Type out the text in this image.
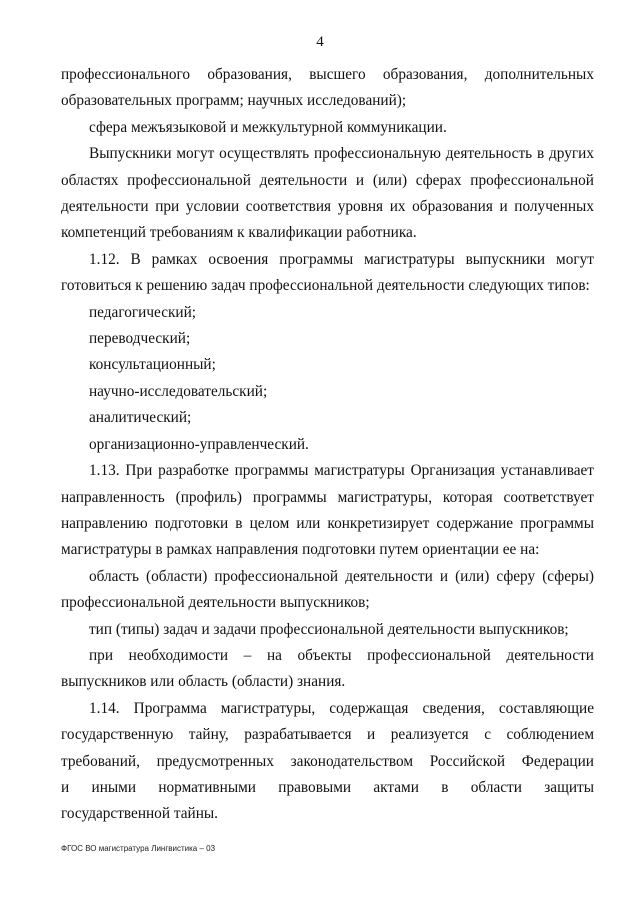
4

профессионального образования, высшего образования, дополнительных

образовательных программ; научных исследований);

сфера межъязыковой и межкультурной коммуникации.

Выпускники могут осуществлять профессиональную деятельность в других

областях профессиональной деятельности и (или) сферах профессиональной

деятельности при условии соответствия уровня их образования и полученных

компетенций требованиям к квалификации работника.

1.12. В рамках освоения программы магистратуры выпускники могут

готовиться к решению задач профессиональной деятельности следующих типов:

педагогический;

переводческий;

консультационный;

научно-исследовательский;

аналитический;

организационно-управленческий.

1.13. При разработке программы магистратуры Организация устанавливает

направленность (профиль) программы магистратуры, которая соответствует

направлению подготовки в целом или конкретизирует содержание программы

магистратуры в рамках направления подготовки путем ориентации ее на:

область (области) профессиональной деятельности и (или) сферу (сферы)

профессиональной деятельности выпускников;

тип (типы) задач и задачи профессиональной деятельности выпускников;

при необходимости – на объекты профессиональной деятельности

выпускников или область (области) знания.

1.14. Программа магистратуры, содержащая сведения, составляющие

государственную тайну, разрабатывается и реализуется с соблюдением

требований, предусмотренных законодательством Российской Федерации

и иными нормативными правовыми актами в области защиты

государственной тайны.

ФГОС ВО магистратура Лингвистика – 03
